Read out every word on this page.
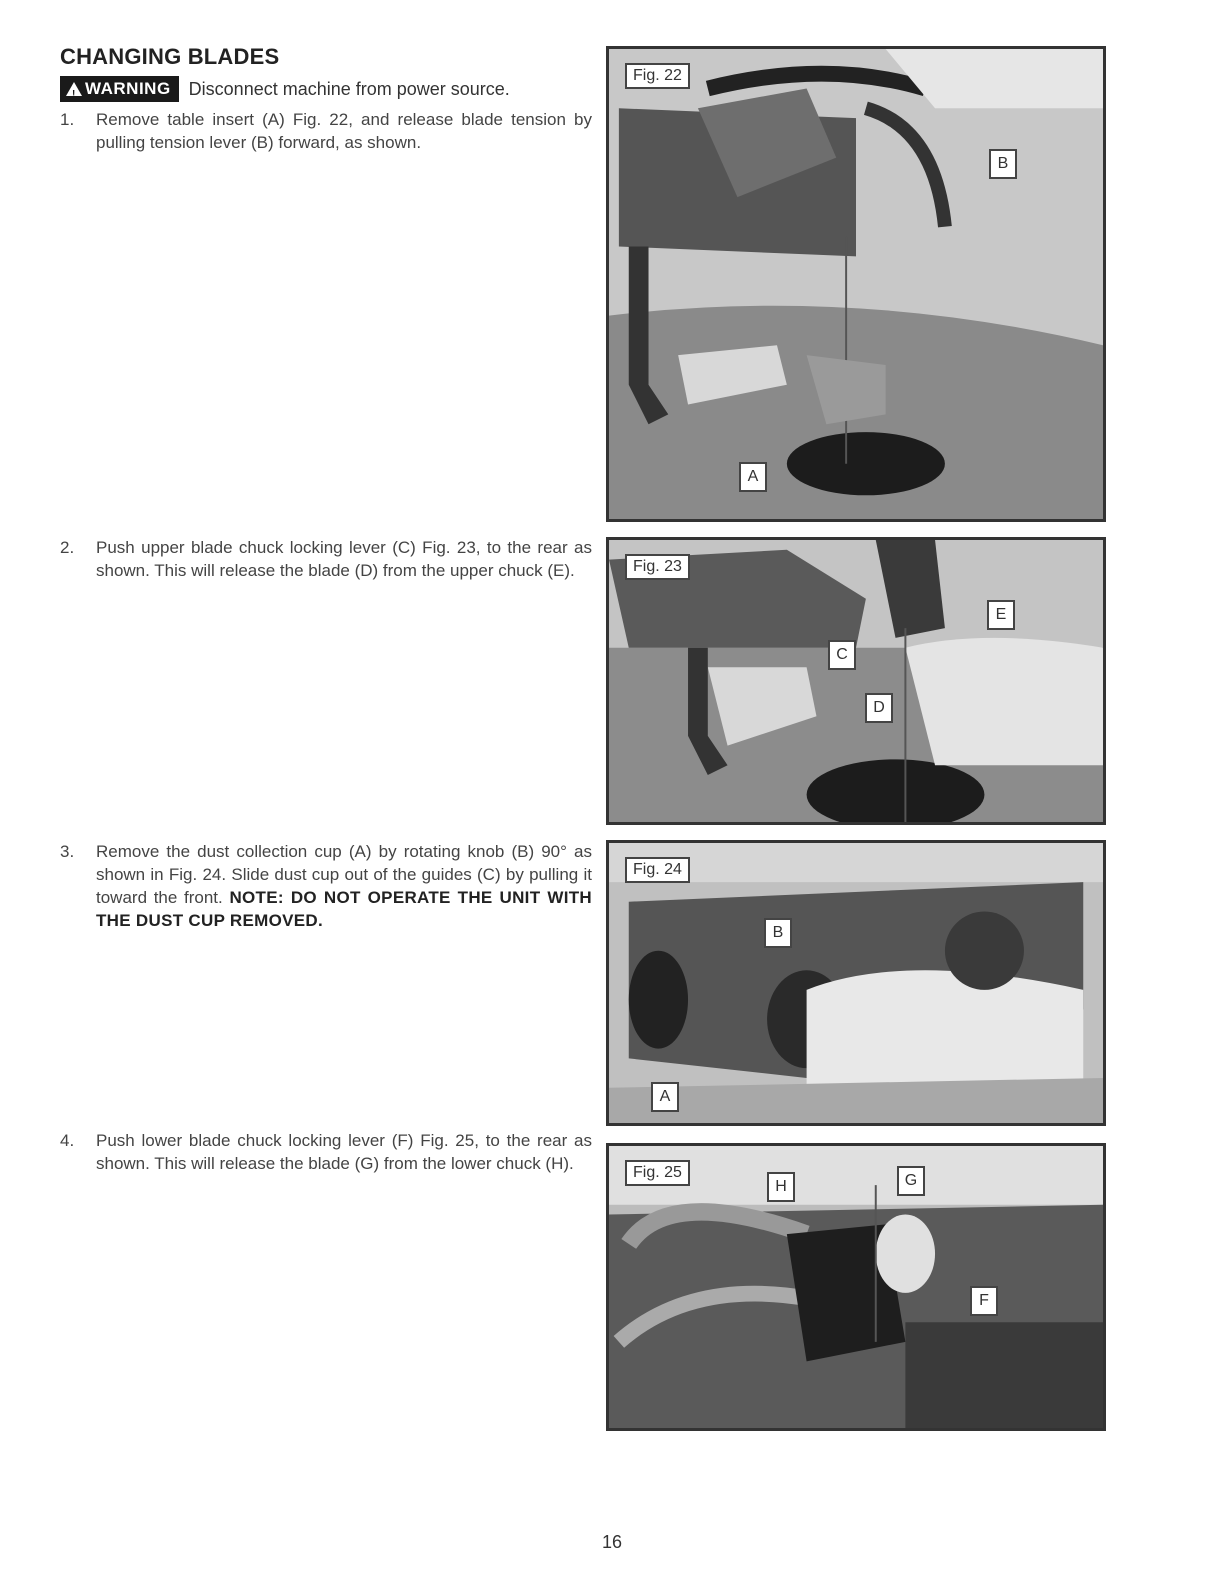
CHANGING BLADES
!
WARNING Disconnect machine from power source.
1.	Remove table insert (A) Fig. 22, and release blade tension by pulling tension lever (B) forward, as shown.
2.	Push upper blade chuck locking lever (C) Fig. 23, to the rear as shown. This will release the blade (D) from the upper chuck (E).
3.	Remove the dust collection cup (A) by rotating knob (B) 90° as shown in Fig. 24. Slide dust cup out of the guides (C) by pulling it toward the front. NOTE: DO NOT OPERATE THE UNIT WITH THE DUST CUP REMOVED.
4.	Push lower blade chuck locking lever (F) Fig. 25, to the rear as shown. This will release the blade (G) from the lower chuck (H).
Fig. 22
B
A
Fig. 23
E
C
D
Fig. 24
B
A
Fig. 25
H	G
F
16
